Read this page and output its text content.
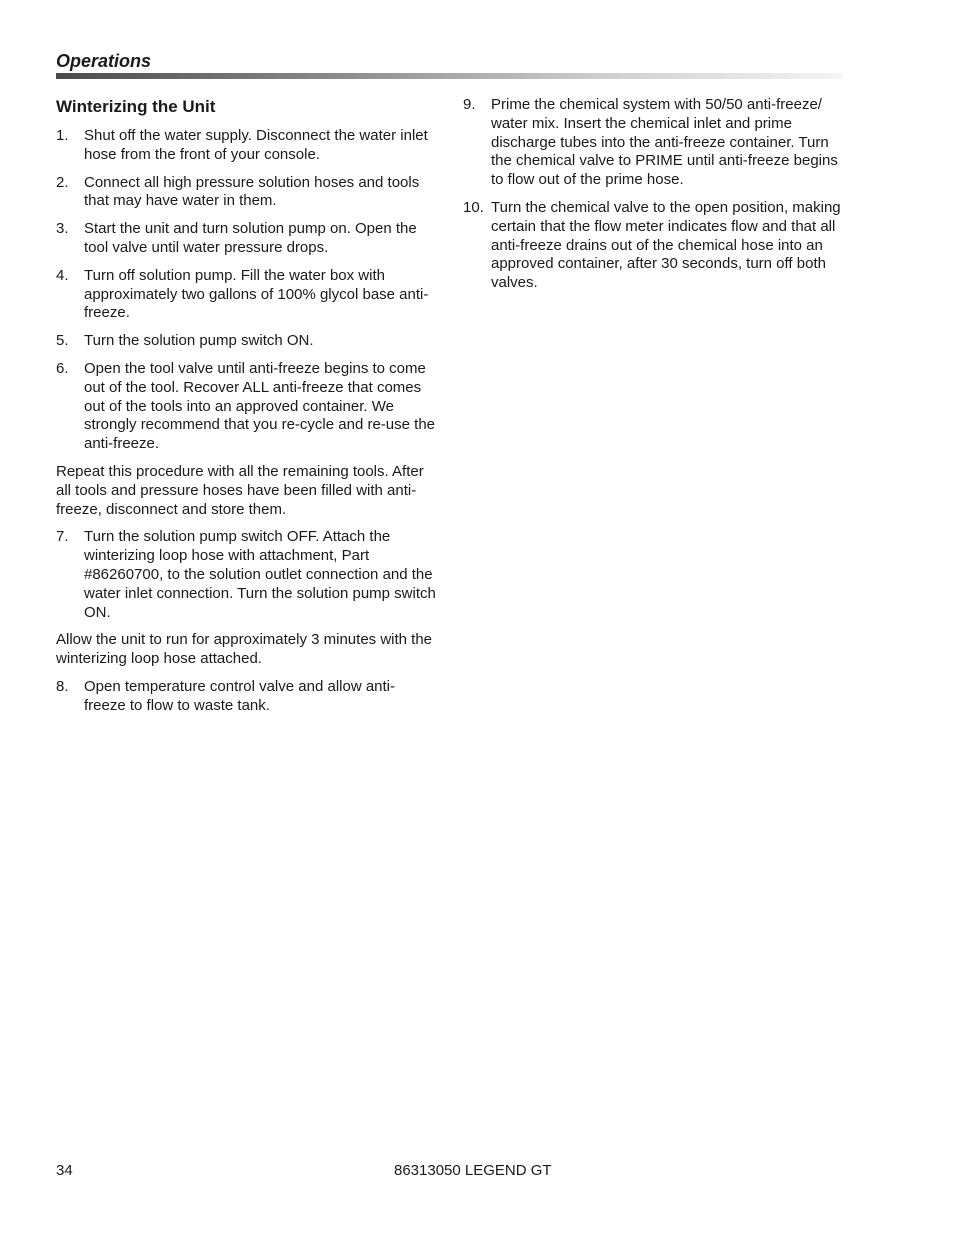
Operations
Winterizing the Unit
1.	Shut off the water supply. Disconnect the water inlet hose from the front of your console.
2.	Connect all high pressure solution hoses and tools that may have water in them.
3.	Start the unit and turn solution pump on. Open the tool valve until water pressure drops.
4.	Turn off solution pump. Fill the water box with approximately two gallons of 100% glycol base anti-freeze.
5.	Turn the solution pump switch ON.
6.	Open the tool valve until anti-freeze begins to come out of the tool. Recover ALL anti-freeze that comes out of the tools into an approved container. We strongly recommend that you re-cycle and re-use the anti-freeze.
Repeat this procedure with all the remaining tools. After all tools and pressure hoses have been filled with anti-freeze, disconnect and store them.
7.	Turn the solution pump switch OFF. Attach the winterizing loop hose with attachment, Part #86260700, to the solution outlet connection and the water inlet connection. Turn the solution pump switch ON.
Allow the unit to run for approximately 3 minutes with the winterizing loop hose attached.
8.	Open temperature control valve and allow anti-freeze to flow to waste tank.
9.	Prime the chemical system with 50/50 anti-freeze/ water mix. Insert the chemical inlet and prime discharge tubes into the anti-freeze container. Turn the chemical valve to PRIME until anti-freeze begins to flow out of the prime hose.
10. Turn the chemical valve to the open position, making certain that the flow meter indicates flow and that all anti-freeze drains out of the chemical hose into an approved container, after 30 seconds, turn off both valves.
34	86313050 LEGEND GT
